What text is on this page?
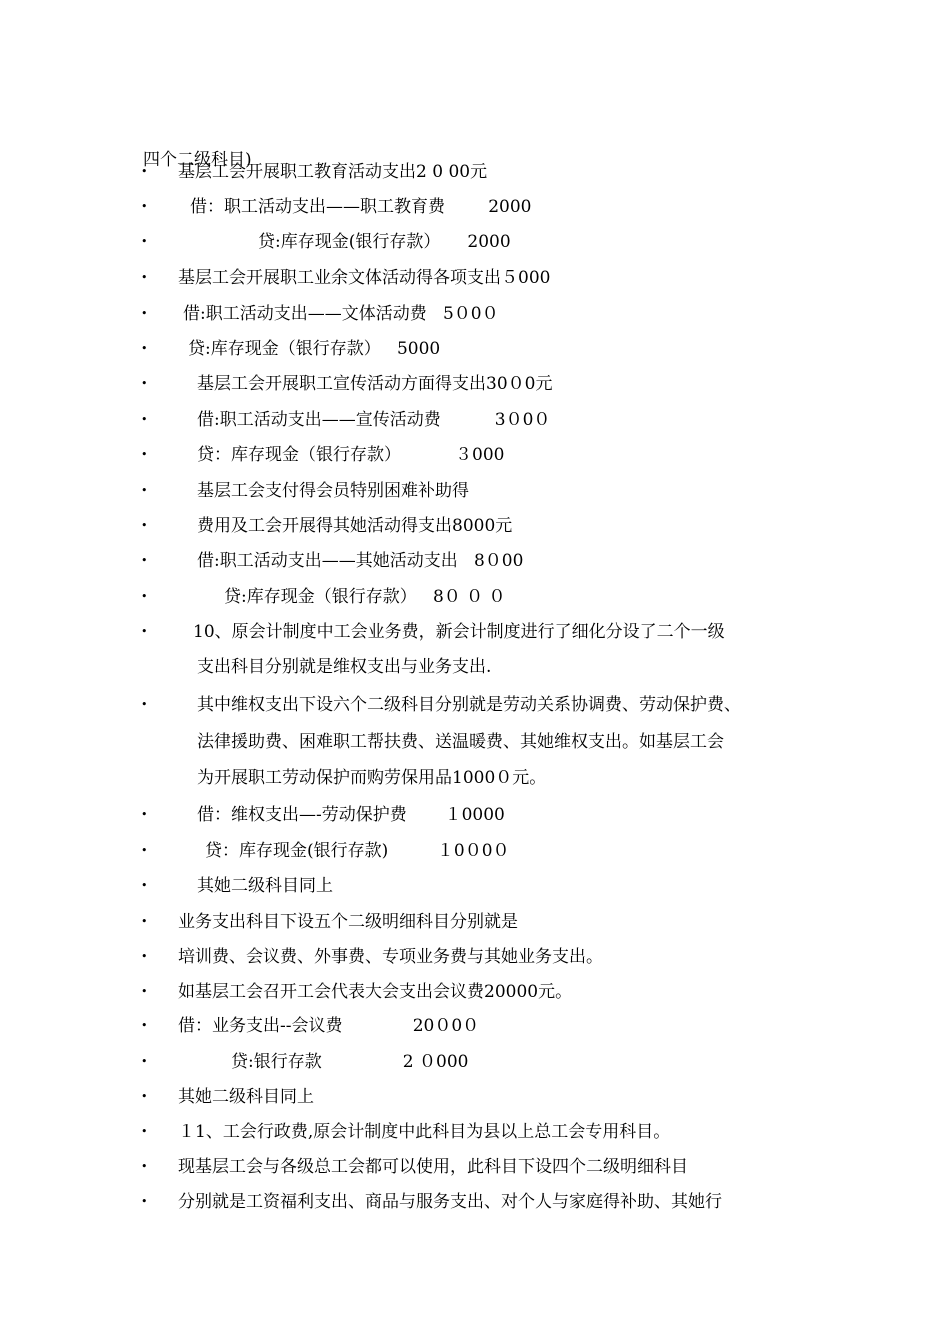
四个二级科目)

• 基层工会开展职工教育活动支出2 0 00元
•	借：职工活动支出——职工教育费        2000
•	贷:库存现金(银行存款）     2000
• 基层工会开展职工业余文体活动得各项支出５000
• 借:职工活动支出——文体活动费   5０0０
• 贷:库存现金（银行存款）   5000
•	基层工会开展职工宣传活动方面得支出30０0元
•	借:职工活动支出——宣传活动费          3０0０
•	贷：库存现金（银行存款）          ３000
•	基层工会支付得会员特别困难补助得
•	费用及工会开展得其她活动得支出8000元
•	借:职工活动支出——其她活动支出   8０00
•	贷:库存现金（银行存款）   8０ ０ ０
•	10、原会计制度中工会业务费，新会计制度进行了细化分设了二个一级
支出科目分别就是维权支出与业务支出.
•	其中维权支出下设六个二级科目分别就是劳动关系协调费、劳动保护费、
法律援助费、困难职工帮扶费、送温暖费、其她维权支出。如基层工会
为开展职工劳动保护而购劳保用品1000０元。
•	借：维权支出—-劳动保护费       １0000
•	贷：库存现金(银行存款)         １0０0０
•	其她二级科目同上
• 业务支出科目下设五个二级明细科目分别就是
• 培训费、会议费、外事费、专项业务费与其她业务支出。
• 如基层工会召开工会代表大会支出会议费20000元。
• 借：业务支出--会议费             20０0０
•	贷:银行存款               2 ０000
• 其她二级科目同上
• １1、工会行政费,原会计制度中此科目为县以上总工会专用科目。
• 现基层工会与各级总工会都可以使用，此科目下设四个二级明细科目
• 分别就是工资福利支出、商品与服务支出、对个人与家庭得补助、其她行
